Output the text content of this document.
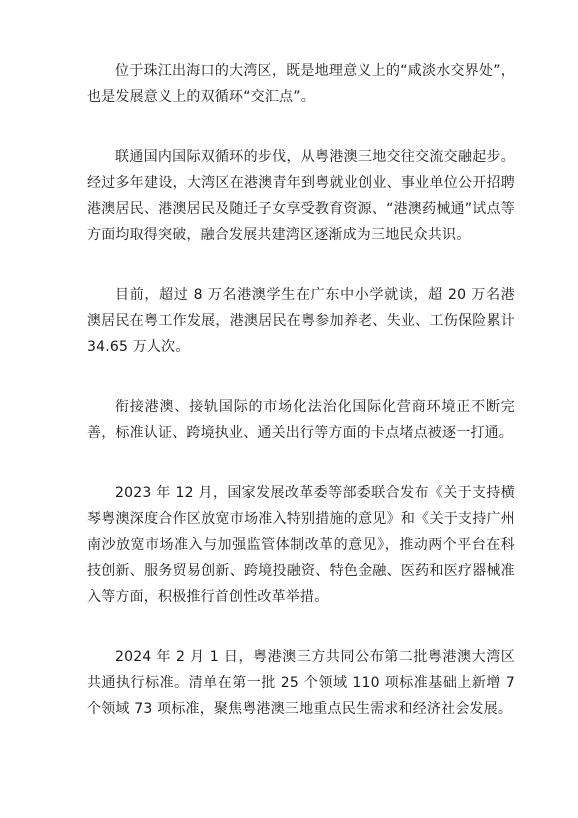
位于珠江出海口的大湾区，既是地理意义上的“咸淡水交界处”，也是发展意义上的双循环“交汇点”。

联通国内国际双循环的步伐，从粤港澳三地交往交流交融起步。经过多年建设，大湾区在港澳青年到粤就业创业、事业单位公开招聘港澳居民、港澳居民及随迁子女享受教育资源、“港澳药械通”试点等方面均取得突破，融合发展共建湾区逐渐成为三地民众共识。

目前，超过 8 万名港澳学生在广东中小学就读，超 20 万名港澳居民在粤工作发展，港澳居民在粤参加养老、失业、工伤保险累计 34.65 万人次。

衔接港澳、接轨国际的市场化法治化国际化营商环境正不断完善，标准认证、跨境执业、通关出行等方面的卡点堵点被逐一打通。

2023 年 12 月，国家发展改革委等部委联合发布《关于支持横琴粤澳深度合作区放宽市场准入特别措施的意见》和《关于支持广州南沙放宽市场准入与加强监管体制改革的意见》，推动两个平台在科技创新、服务贸易创新、跨境投融资、特色金融、医药和医疗器械准入等方面，积极推行首创性改革举措。

2024 年 2 月 1 日，粤港澳三方共同公布第二批粤港澳大湾区共通执行标准。清单在第一批 25 个领域 110 项标准基础上新增 7 个领域 73 项标准，聚焦粤港澳三地重点民生需求和经济社会发展。
